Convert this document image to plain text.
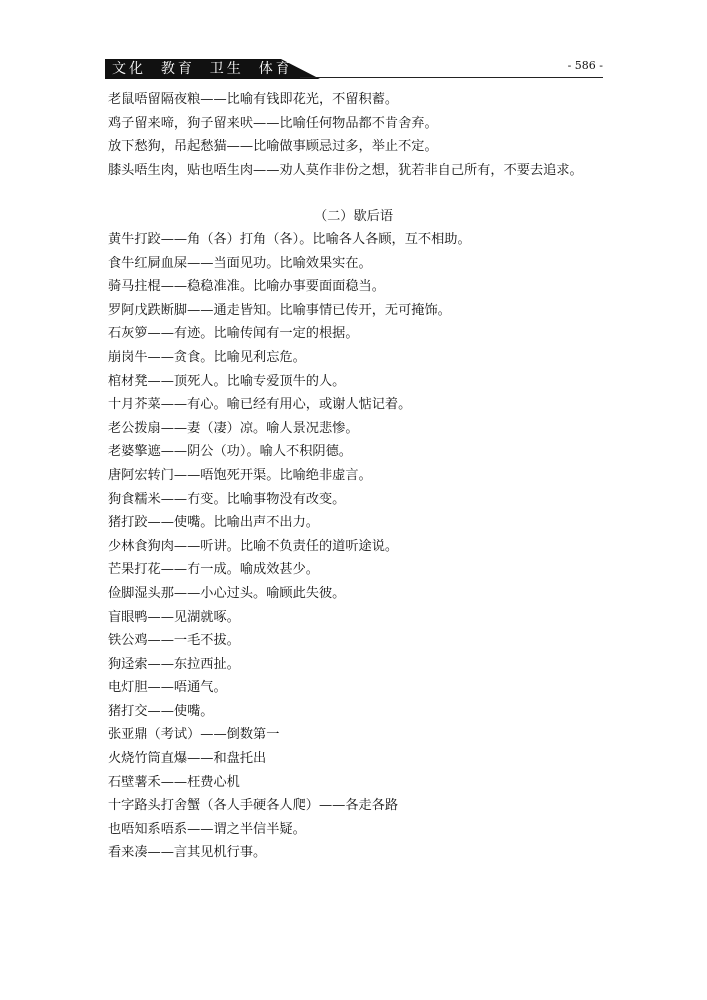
文化  教育  卫生  体育	- 586 -
老鼠唔留隔夜粮——比喻有钱即花光，不留积蓄。
鸡子留来啼，狗子留来吠——比喻任何物品都不肯舍弃。
放下愁狗，吊起愁猫——比喻做事顾忌过多，举止不定。
膝头唔生肉，贴也唔生肉——劝人莫作非份之想，犹若非自己所有，不要去追求。
（二）歇后语
黄牛打跤——角（各）打角（各）。比喻各人各顾，互不相助。
食牛红屙血屎——当面见功。比喻效果实在。
骑马拄棍——稳稳准准。比喻办事要面面稳当。
罗阿戊跌断脚——通走皆知。比喻事情已传开，无可掩饰。
石灰箩——有迹。比喻传闻有一定的根据。
崩岗牛——贪食。比喻见利忘危。
棺材凳——顶死人。比喻专爱顶牛的人。
十月芥菜——有心。喻已经有用心，或谢人惦记着。
老公拨扇——妻（凄）凉。喻人景况悲惨。
老婆擎遮——阴公（功）。喻人不积阴德。
唐阿宏转门——唔饱死开渠。比喻绝非虚言。
狗食糯米——冇变。比喻事物没有改变。
猪打跤——使嘴。比喻出声不出力。
少林食狗肉——听讲。比喻不负责任的道听途说。
芒果打花——冇一成。喻成效甚少。
俭脚湿头那——小心过头。喻顾此失彼。
盲眼鸭——见湖就啄。
铁公鸡——一毛不拔。
狗迳索——东拉西扯。
电灯胆——唔通气。
猪打交——使嘴。
张亚鼎（考试）——倒数第一
火烧竹筒直爆——和盘托出
石壁薯禾——枉费心机
十字路头打舍蟹（各人手硬各人爬）——各走各路
也唔知系唔系——谓之半信半疑。
看来凑——言其见机行事。
